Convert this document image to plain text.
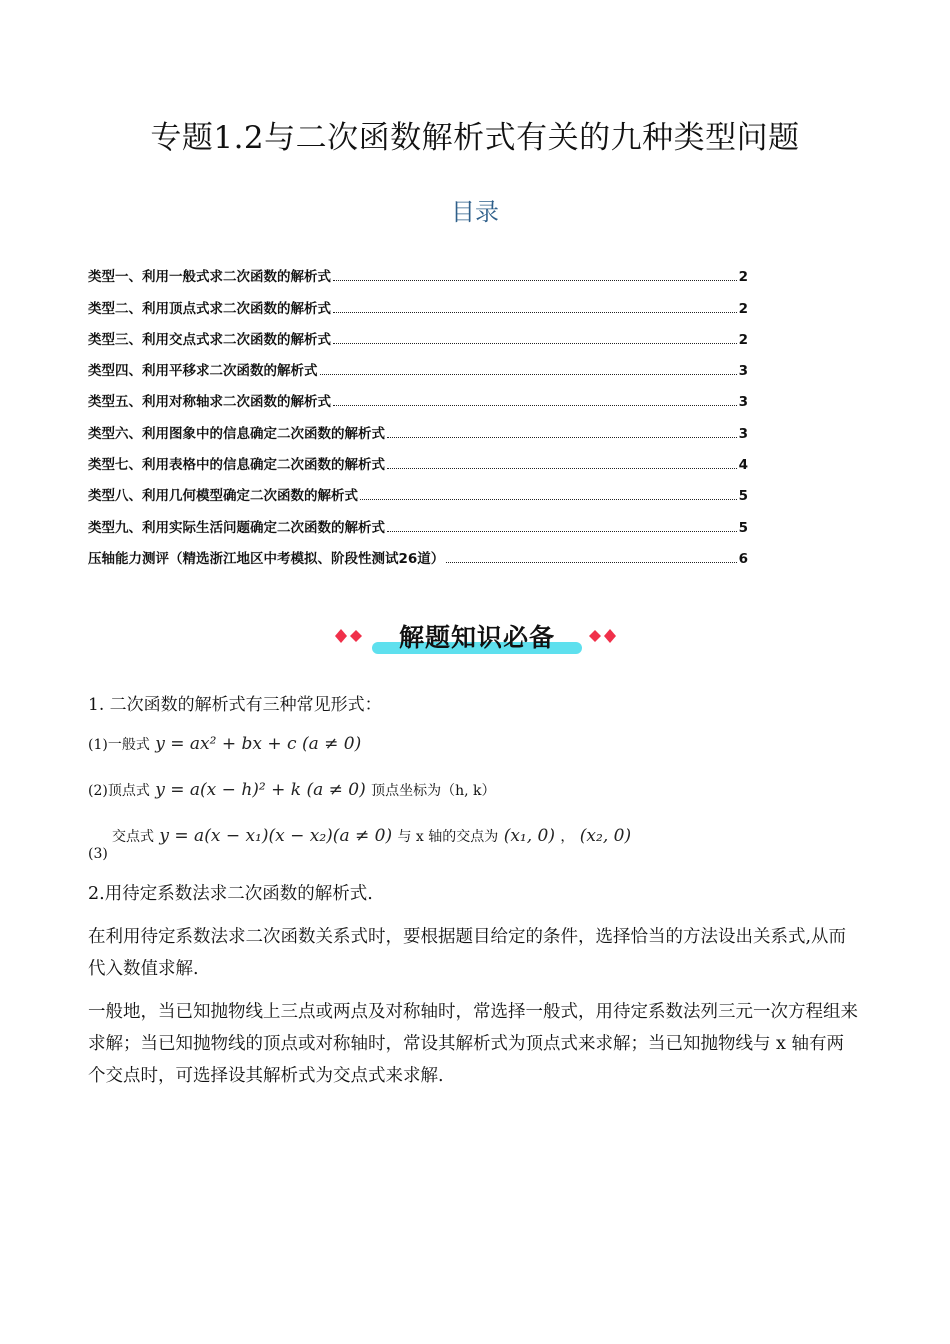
专题1.2与二次函数解析式有关的九种类型问题
目录
类型一、利用一般式求二次函数的解析式	2
类型二、利用顶点式求二次函数的解析式	2
类型三、利用交点式求二次函数的解析式	2
类型四、利用平移求二次函数的解析式	3
类型五、利用对称轴求二次函数的解析式	3
类型六、利用图象中的信息确定二次函数的解析式	3
类型七、利用表格中的信息确定二次函数的解析式	4
类型八、利用几何模型确定二次函数的解析式	5
类型九、利用实际生活问题确定二次函数的解析式	5
压轴能力测评（精选浙江地区中考模拟、阶段性测试26道）	6
解题知识必备
1. 二次函数的解析式有三种常见形式：
(1)一般式 y = ax² + bx + c (a ≠ 0)
(2)顶点式 y = a(x − h)² + k (a ≠ 0) 顶点坐标为（h, k）
(3)
交点式 y = a(x − x₁)(x − x₂)(a ≠ 0) 与 x 轴的交点为 (x₁, 0) ， (x₂, 0)
2.用待定系数法求二次函数的解析式.
在利用待定系数法求二次函数关系式时，要根据题目给定的条件，选择恰当的方法设出关系式,从而代入数值求解.
一般地，当已知抛物线上三点或两点及对称轴时，常选择一般式，用待定系数法列三元一次方程组来求解；当已知抛物线的顶点或对称轴时，常设其解析式为顶点式来求解；当已知抛物线与 x 轴有两个交点时，可选择设其解析式为交点式来求解.
